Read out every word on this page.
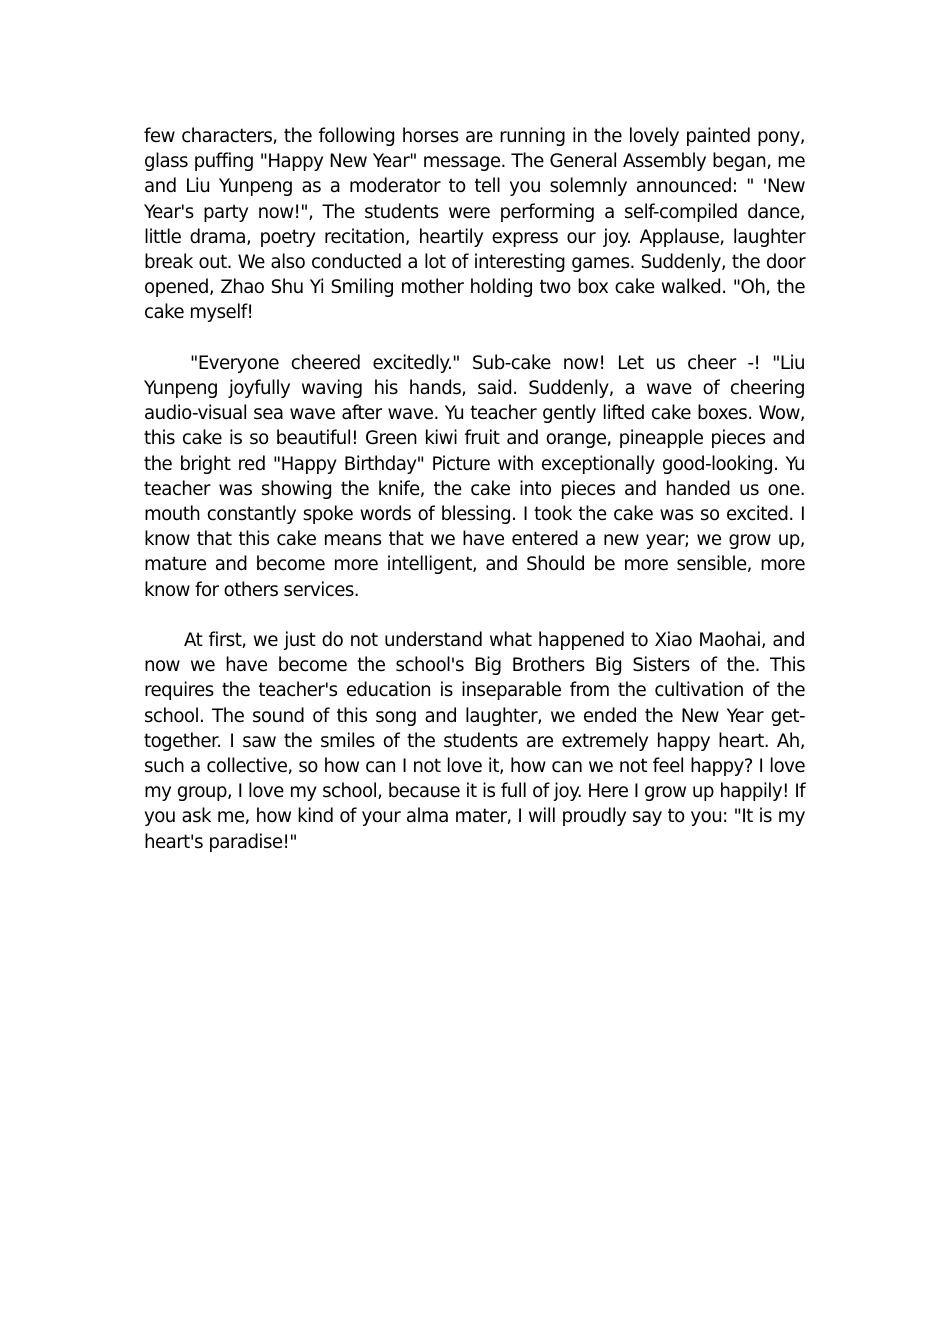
few characters, the following horses are running in the lovely painted pony, glass puffing "Happy New Year" message. The General Assembly began, me and Liu Yunpeng as a moderator to tell you solemnly announced: " 'New Year's party now!", The students were performing a self-compiled dance, little drama, poetry recitation, heartily express our joy. Applause, laughter break out. We also conducted a lot of interesting games. Suddenly, the door opened, Zhao Shu Yi Smiling mother holding two box cake walked. "Oh, the cake myself!

"Everyone cheered excitedly." Sub-cake now! Let us cheer -! "Liu Yunpeng joyfully waving his hands, said. Suddenly, a wave of cheering audio-visual sea wave after wave. Yu teacher gently lifted cake boxes. Wow, this cake is so beautiful! Green kiwi fruit and orange, pineapple pieces and the bright red "Happy Birthday" Picture with exceptionally good-looking. Yu teacher was showing the knife, the cake into pieces and handed us one. mouth constantly spoke words of blessing. I took the cake was so excited. I know that this cake means that we have entered a new year; we grow up, mature and become more intelligent, and Should be more sensible, more know for others services.

At first, we just do not understand what happened to Xiao Maohai, and now we have become the school's Big Brothers Big Sisters of the. This requires the teacher's education is inseparable from the cultivation of the school. The sound of this song and laughter, we ended the New Year get-together. I saw the smiles of the students are extremely happy heart. Ah, such a collective, so how can I not love it, how can we not feel happy? I love my group, I love my school, because it is full of joy. Here I grow up happily! If you ask me, how kind of your alma mater, I will proudly say to you: "It is my heart's paradise!"
